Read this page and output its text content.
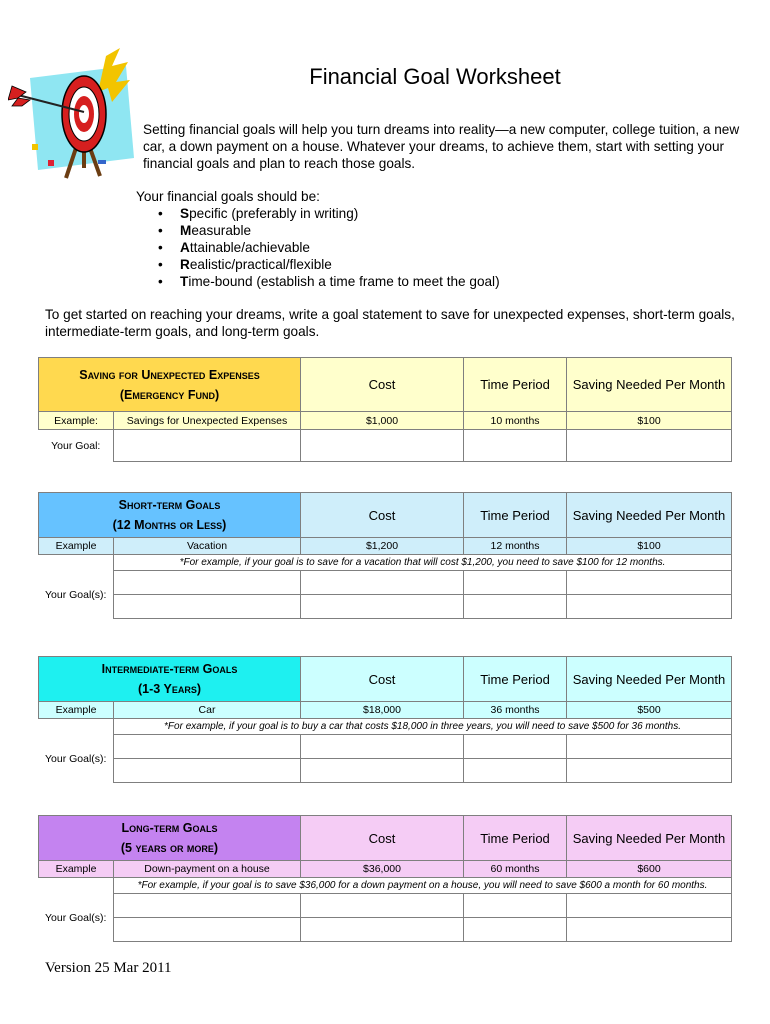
Financial Goal Worksheet
Setting financial goals will help you turn dreams into reality—a new computer, college tuition, a new car, a down payment on a house. Whatever your dreams, to achieve them, start with setting your financial goals and plan to reach those goals.
Your financial goals should be:
• Specific (preferably in writing)
• Measurable
• Attainable/achievable
• Realistic/practical/flexible
• Time-bound (establish a time frame to meet the goal)
To get started on reaching your dreams, write a goal statement to save for unexpected expenses, short-term goals, intermediate-term goals, and long-term goals.
Saving for Unexpected Expenses
(Emergency Fund)		Cost	Time Period	Saving Needed Per Month
Example:	Savings for Unexpected Expenses	$1,000	10 months	$100
Your Goal:				
Short-term Goals
(12 Months or Less)		Cost	Time Period	Saving Needed Per Month
Example	Vacation	$1,200	12 months	$100
	*For example, if your goal is to save for a vacation that will cost $1,200, you need to save $100 for 12 months.			
Your Goal(s):				

Intermediate-term Goals
(1-3 Years)		Cost	Time Period	Saving Needed Per Month
Example	Car	$18,000	36 months	$500
	*For example, if your goal is to buy a car that costs $18,000 in three years, you will need to save $500 for 36 months.			
Your Goal(s):				

Long-term Goals
(5 years or more)		Cost	Time Period	Saving Needed Per Month
Example	Down-payment on a house	$36,000	60 months	$600
	*For example, if your goal is to save $36,000 for a down payment on a house, you will need to save $600 a month for 60 months.			
Your Goal(s):				

Version 25 Mar 2011
